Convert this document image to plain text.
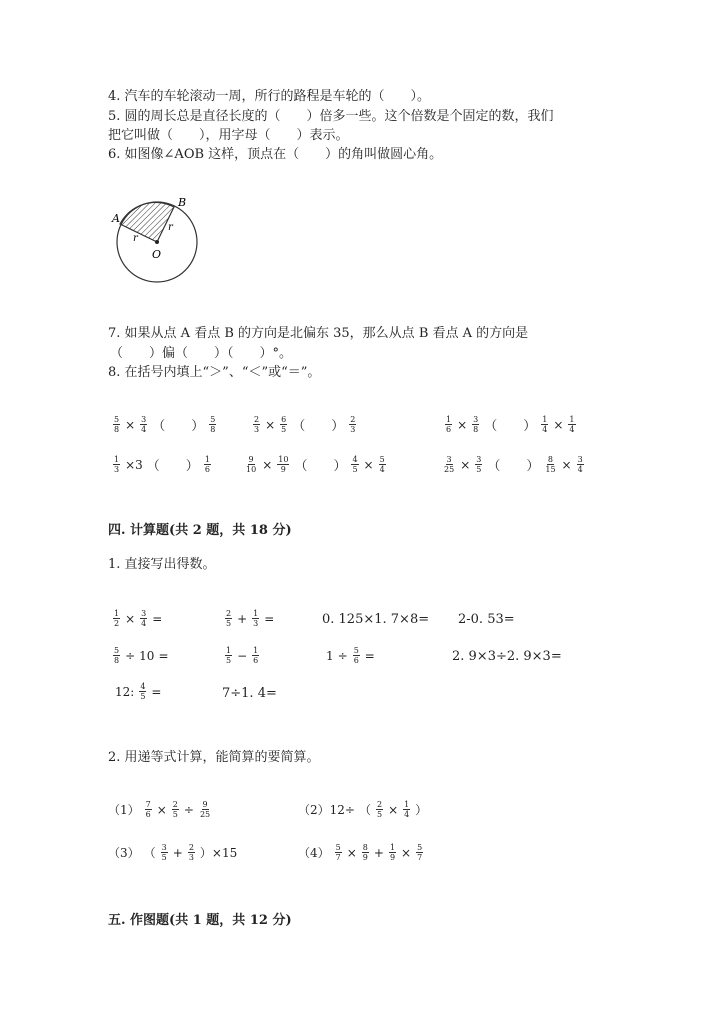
4. 汽车的车轮滚动一周，所行的路程是车轮的（　　）。
5. 圆的周长总是直径长度的（　　）倍多一些。这个倍数是个固定的数，我们
把它叫做（　　），用字母（　　）表示。
6. 如图像∠AOB 这样，顶点在（　　）的角叫做圆心角。
A
B
O
r
r
7. 如果从点 A 看点 B 的方向是北偏东 35，那么从点 B 看点 A 的方向是
（　　）偏（　　）（　　）°。
8. 在括号内填上“＞”、“＜”或“＝”。
$\frac{5}{8} \times \frac{3}{4}$ （　　） $\frac{5}{8}$	$\frac{2}{3} \times \frac{6}{5}$ （　　） $\frac{2}{3}$	$\frac{1}{6} \times \frac{3}{8}$ （　　） $\frac{1}{4} \times \frac{1}{4}$
$\frac{1}{3} \times 3$ （　　） $\frac{1}{6}$	$\frac{9}{10} \times \frac{10}{9}$ （　　） $\frac{4}{5} \times \frac{5}{4}$	$\frac{3}{25} \times \frac{3}{5}$ （　　） $\frac{8}{15} \times \frac{3}{4}$
四. 计算题(共 2 题，共 18 分)
1. 直接写出得数。
$\frac{1}{2} \times \frac{3}{4}$ =	$\frac{2}{5} + \frac{1}{3}$ =	0. 125×1. 7×8= 2-0. 53=
$\frac{5}{8} \div 10$ =	$\frac{1}{5} - \frac{1}{6}$	$1 \div \frac{5}{6}$ =	2. 9×3÷2. 9×3=
12: $\frac{4}{5}$ =	7÷1. 4=
2. 用递等式计算，能简算的要简算。
$(1) \frac{7}{6} \times \frac{2}{5} \div \frac{9}{25}$	（2）12÷ （ $\frac{2}{5} \times \frac{1}{4}$ ）
（3） （ $\frac{3}{5} + \frac{2}{3} )\times 15$	$(4) \frac{5}{7} \times \frac{8}{9} + \frac{1}{9} \times \frac{5}{7}$
五. 作图题(共 1 题，共 12 分)
